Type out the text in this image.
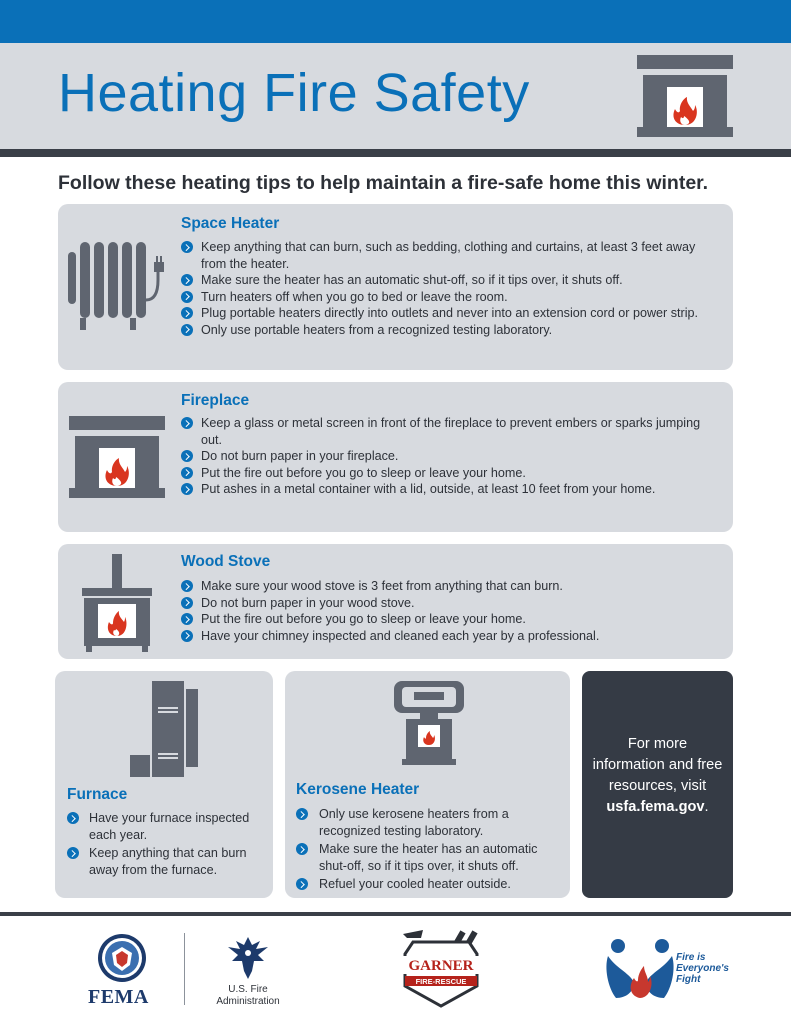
Heating Fire Safety

Follow these heating tips to help maintain a fire-safe home this winter.

Space Heater
Keep anything that can burn, such as bedding, clothing and curtains, at least 3 feet away from the heater.
Make sure the heater has an automatic shut-off, so if it tips over, it shuts off.
Turn heaters off when you go to bed or leave the room.
Plug portable heaters directly into outlets and never into an extension cord or power strip.
Only use portable heaters from a recognized testing laboratory.
Fireplace
Keep a glass or metal screen in front of the fireplace to prevent embers or sparks jumping out.
Do not burn paper in your fireplace.
Put the fire out before you go to sleep or leave your home.
Put ashes in a metal container with a lid, outside, at least 10 feet from your home.
Wood Stove
Make sure your wood stove is 3 feet from anything that can burn.
Do not burn paper in your wood stove.
Put the fire out before you go to sleep or leave your home.
Have your chimney inspected and cleaned each year by a professional.
Furnace
Have your furnace inspected each year.
Keep anything that can burn away from the furnace.
Kerosene Heater
Only use kerosene heaters from a recognized testing laboratory.
Make sure the heater has an automatic shut-off, so if it tips over, it shuts off.
Refuel your cooled heater outside.
For more information and free resources, visit usfa.fema.gov.
FEMA	U.S. Fire
Administration
GARNER
FIRE-RESCUE
Fire is
Everyone's
Fight
